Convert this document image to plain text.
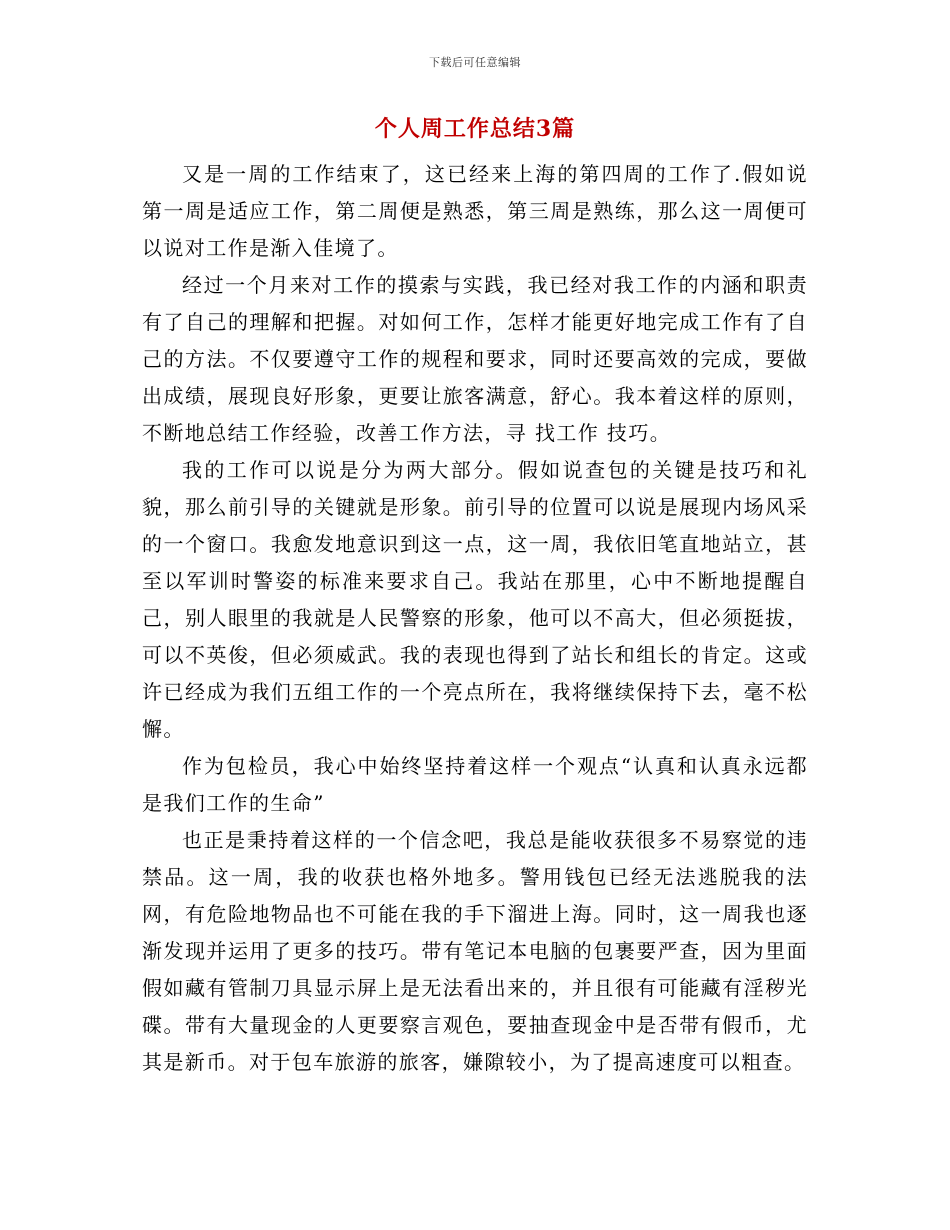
下载后可任意编辑
个人周工作总结3篇

又是一周的工作结束了，这已经来上海的第四周的工作了.假如说第一周是适应工作，第二周便是熟悉，第三周是熟练，那么这一周便可以说对工作是渐入佳境了。

经过一个月来对工作的摸索与实践，我已经对我工作的内涵和职责有了自己的理解和把握。对如何工作，怎样才能更好地完成工作有了自己的方法。不仅要遵守工作的规程和要求，同时还要高效的完成，要做出成绩，展现良好形象，更要让旅客满意，舒心。我本着这样的原则，不断地总结工作经验，改善工作方法，寻 找工作 技巧。

我的工作可以说是分为两大部分。假如说查包的关键是技巧和礼貌，那么前引导的关键就是形象。前引导的位置可以说是展现内场风采的一个窗口。我愈发地意识到这一点，这一周，我依旧笔直地站立，甚至以军训时警姿的标准来要求自己。我站在那里，心中不断地提醒自己，别人眼里的我就是人民警察的形象，他可以不高大，但必须挺拔，可以不英俊，但必须威武。我的表现也得到了站长和组长的肯定。这或许已经成为我们五组工作的一个亮点所在，我将继续保持下去，毫不松懈。

作为包检员，我心中始终坚持着这样一个观点“认真和认真永远都是我们工作的生命”

也正是秉持着这样的一个信念吧，我总是能收获很多不易察觉的违禁品。这一周，我的收获也格外地多。警用钱包已经无法逃脱我的法网，有危险地物品也不可能在我的手下溜进上海。同时，这一周我也逐渐发现并运用了更多的技巧。带有笔记本电脑的包裹要严查，因为里面假如藏有管制刀具显示屏上是无法看出来的，并且很有可能藏有淫秽光碟。带有大量现金的人更要察言观色，要抽查现金中是否带有假币，尤其是新币。对于包车旅游的旅客，嫌隙较小，为了提高速度可以粗查。
